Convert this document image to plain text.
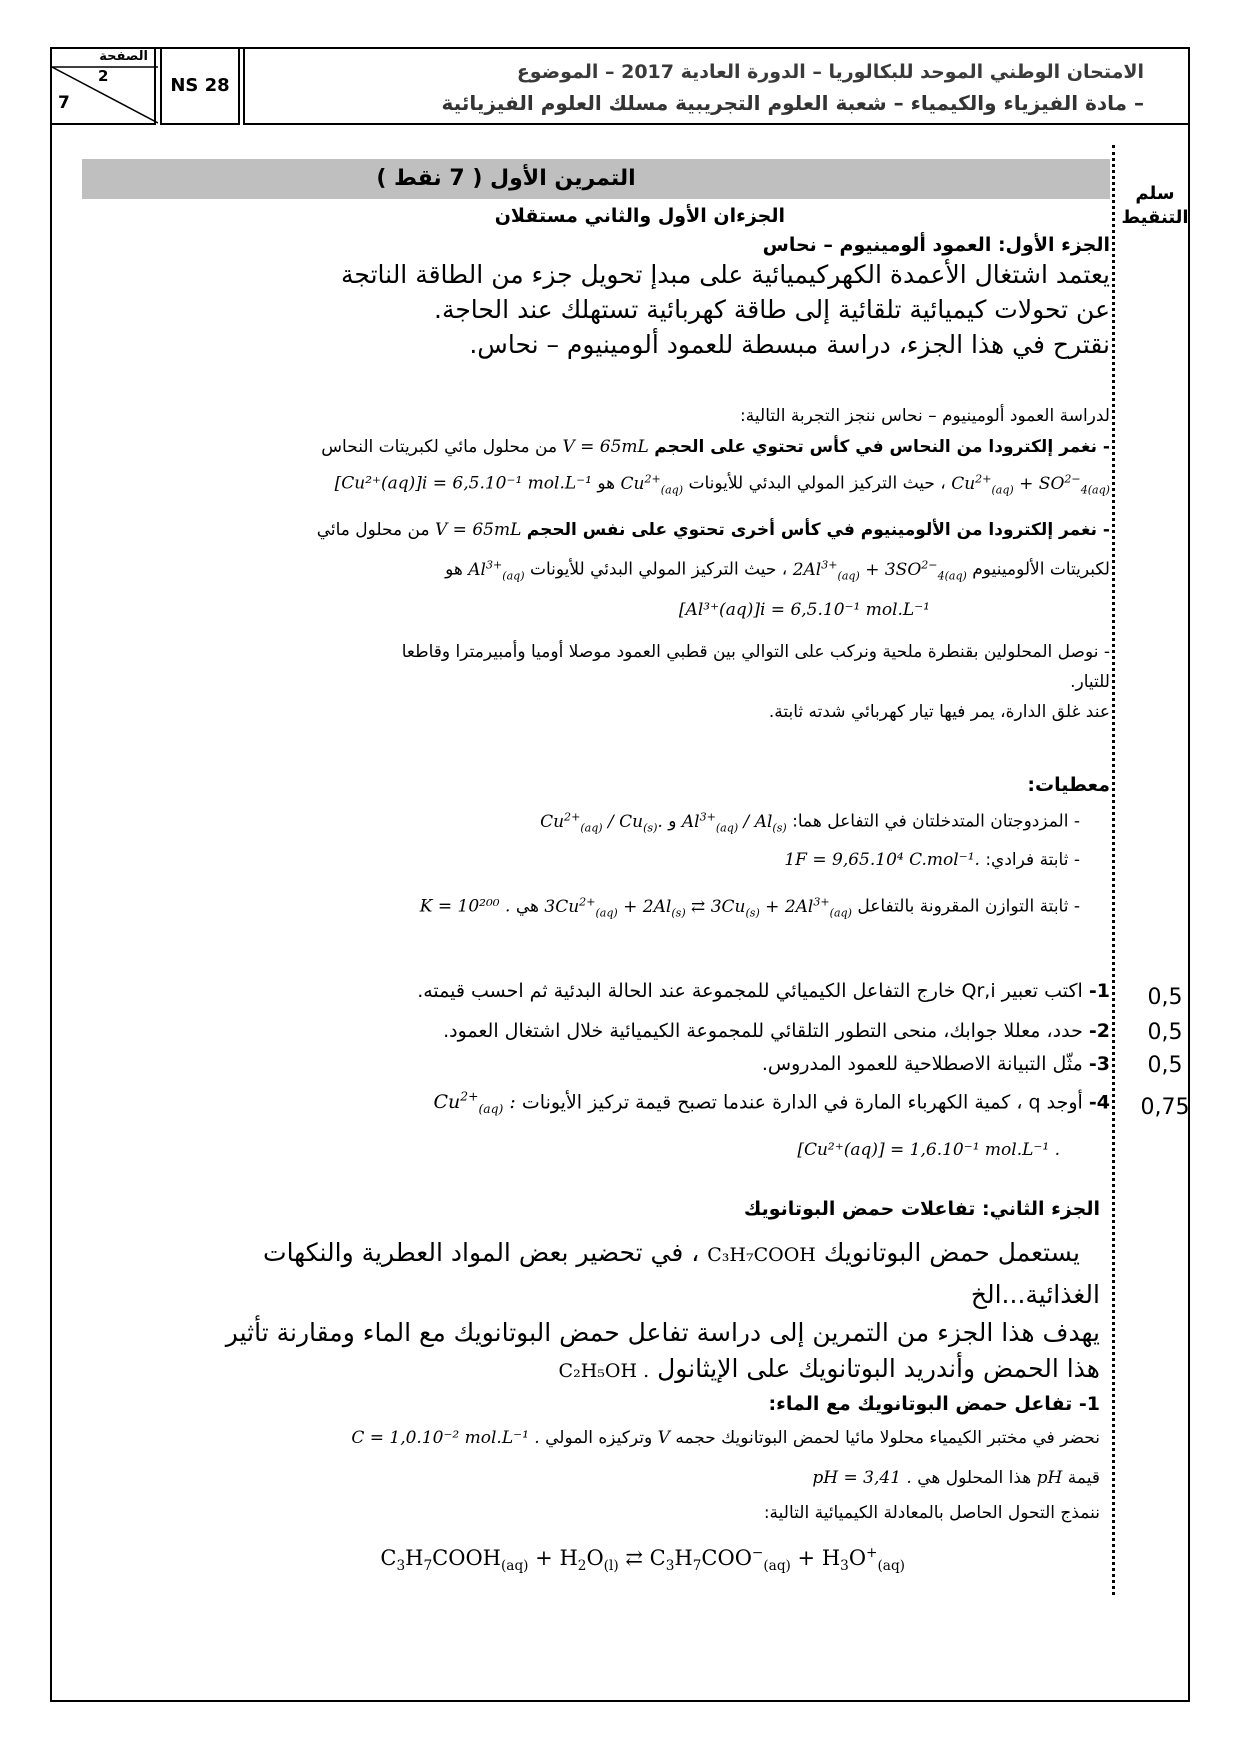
الصفحة
2
7
NS 28
الامتحان الوطني الموحد للبكالوريا – الدورة العادية 2017 – الموضوع
– مادة الفيزياء والكيمياء – شعبة العلوم التجريبية مسلك العلوم الفيزيائية
سلم التنقيط
التمرين الأول ( 7 نقط )
الجزءان الأول والثاني مستقلان
الجزء الأول: العمود ألومينيوم – نحاس
يعتمد اشتغال الأعمدة الكهركيميائية على مبدإ تحويل جزء من الطاقة الناتجة
عن تحولات كيميائية تلقائية إلى طاقة كهربائية تستهلك عند الحاجة.
نقترح في هذا الجزء، دراسة مبسطة للعمود ألومينيوم – نحاس.
لدراسة العمود ألومينيوم – نحاس ننجز التجربة التالية:
- نغمر إلكترودا من النحاس في كأس تحتوي على الحجم V = 65mL من محلول مائي لكبريتات النحاس
$Cu^{2+}_{(aq)} + SO^{2-}_{4(aq)}$ ، حيث التركيز المولي البدئي للأيونات $Cu^{2+}_{(aq)}$ هو [Cu²⁺(aq)]i = 6,5.10⁻¹ mol.L⁻¹
- نغمر إلكترودا من الألومينيوم في كأس أخرى تحتوي على نفس الحجم V = 65mL من محلول مائي
لكبريتات الألومينيوم $2Al^{3+}_{(aq)} + 3SO^{2-}_{4(aq)}$ ، حيث التركيز المولي البدئي للأيونات $Al^{3+}_{(aq)}$ هو
[Al³⁺(aq)]i = 6,5.10⁻¹ mol.L⁻¹
- نوصل المحلولين بقنطرة ملحية ونركب على التوالي بين قطبي العمود موصلا أوميا وأمبيرمترا وقاطعا
للتيار.
عند غلق الدارة، يمر فيها تيار كهربائي شدته ثابتة.
معطيات:
- المزدوجتان المتدخلتان في التفاعل هما: $Al^{3+}_{(aq)} / Al_{(s)}$ و $Cu^{2+}_{(aq)} / Cu_{(s)}$.
- ثابتة فرادي: 1F = 9,65.10⁴ C.mol⁻¹.
- ثابتة التوازن المقرونة بالتفاعل $3Cu^{2+}_{(aq)} + 2Al_{(s)}$ ⇄ $3Cu_{(s)} + 2Al^{3+}_{(aq)}$ هي K = 10²⁰⁰ .
1- اكتب تعبير Qr,i خارج التفاعل الكيميائي للمجموعة عند الحالة البدئية ثم احسب قيمته.	0,5
2- حدد، معللا جوابك، منحى التطور التلقائي للمجموعة الكيميائية خلال اشتغال العمود.	0,5
3- مثّل التبيانة الاصطلاحية للعمود المدروس.	0,5
4- أوجد q ، كمية الكهرباء المارة في الدارة عندما تصبح قيمة تركيز الأيونات $Cu^{2+}_{(aq)}$ :	0,75
[Cu²⁺(aq)] = 1,6.10⁻¹ mol.L⁻¹ .
الجزء الثاني: تفاعلات حمض البوتانويك
يستعمل حمض البوتانويك C₃H₇COOH ، في تحضير بعض المواد العطرية والنكهات
الغذائية...الخ
يهدف هذا الجزء من التمرين إلى دراسة تفاعل حمض البوتانويك مع الماء ومقارنة تأثير
هذا الحمض وأندريد البوتانويك على الإيثانول C₂H₅OH .
1- تفاعل حمض البوتانويك مع الماء:
نحضر في مختبر الكيمياء محلولا مائيا لحمض البوتانويك حجمه V وتركيزه المولي C = 1,0.10⁻² mol.L⁻¹ .
قيمة pH هذا المحلول هي pH = 3,41 .
ننمذج التحول الحاصل بالمعادلة الكيميائية التالية:
$C_3H_7COOH_{(aq)} + H_2O_{(l)}$ ⇄ $C_3H_7COO^-_{(aq)} + H_3O^+_{(aq)}$
